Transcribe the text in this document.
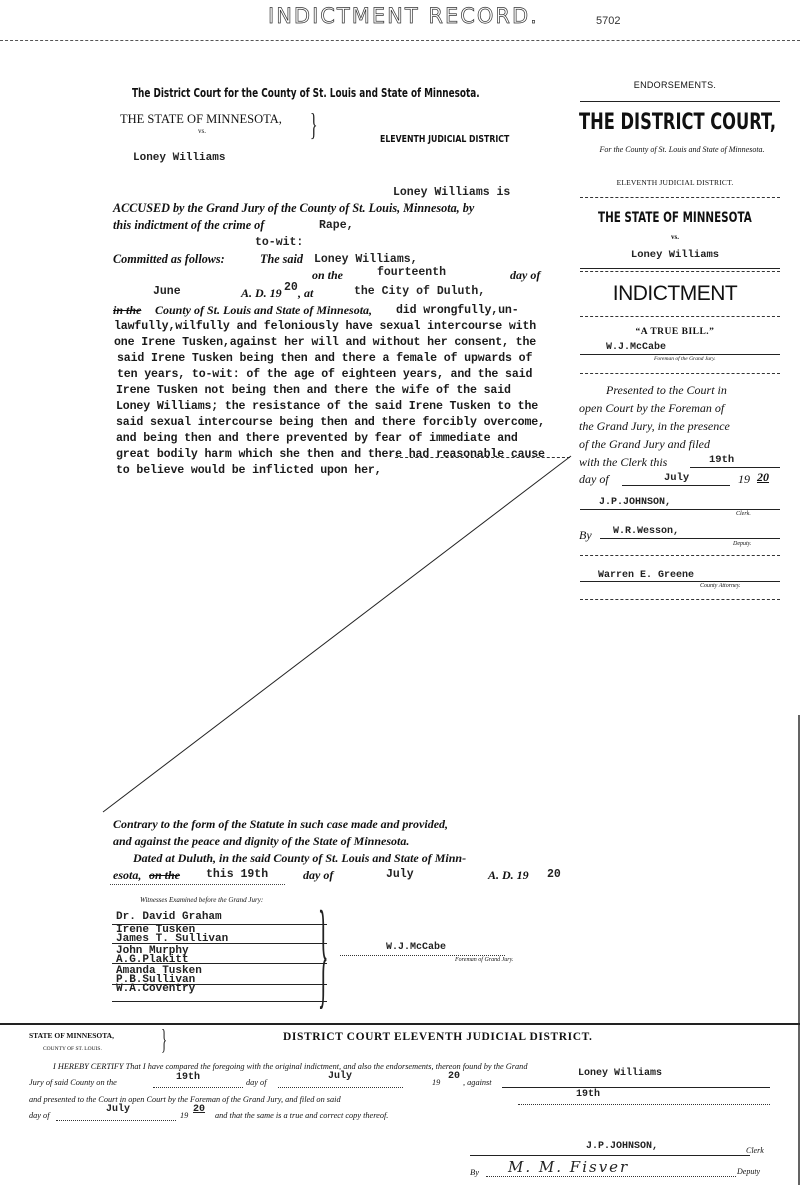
INDICTMENT RECORD.	5702
The District Court for the County of St. Louis and State of Minnesota.
THE STATE OF MINNESOTA,
vs.	}	ELEVENTH JUDICIAL DISTRICT
Loney Williams
Loney Williams is
ACCUSED by the Grand Jury of the County of St. Louis, Minnesota, by
this indictment of the crime of	Rape,
to-wit:
Committed as follows:	The said Loney Williams,
on the	fourteenth	day of
June	A. D. 19 20 , at	the City of Duluth,
in the County of St. Louis and State of Minnesota, did wrongfully,un-
lawfully,wilfully and feloniously have sexual intercourse with
one Irene Tusken,against her will and without her consent, the
said Irene Tusken being then and there a female of upwards of
ten years, to-wit: of the age of eighteen years, and the said
Irene Tusken not being then and there the wife of the said
Loney Williams; the resistance of the said Irene Tusken to the
said sexual intercourse being then and there forcibly overcome,
and being then and there prevented by fear of immediate and
great bodily harm which she then and there had reasonable cause
to believe would be inflicted upon her,
Contrary to the form of the Statute in such case made and provided,
and against the peace and dignity of the State of Minnesota.
Dated at Duluth, in the said County of St. Louis and State of Minn-
esota, on the this 19th	day of	July	A. D. 19 20
Witnesses Examined before the Grand Jury:
Dr. David Graham
Irene Tusken
James T. Sullivan
John Murphy
A.G.Plakitt
Amanda Tusken
P.B.Sullivan
W.A.Coventry }	W.J.McCabe
Foreman of Grand Jury.
ENDORSEMENTS.
THE DISTRICT COURT,
For the County of St. Louis and State of Minnesota.
ELEVENTH JUDICIAL DISTRICT.
THE STATE OF MINNESOTA
vs.
Loney Williams
INDICTMENT
“A TRUE BILL.”
W.J.McCabe
Foreman of the Grand Jury.
Presented to the Court in
open Court by the Foreman of
the Grand Jury, in the presence
of the Grand Jury and filed
with the Clerk this	19th
day of	July	19 20
J.P.JOHNSON,
Clerk.
By W.R.Wesson,
Deputy.
Warren E. Greene
County Attorney.
STATE OF MINNESOTA,
COUNTY OF ST. LOUIS. }	DISTRICT COURT ELEVENTH JUDICIAL DISTRICT.
I HEREBY CERTIFY That I have compared the foregoing with the original indictment, and also the endorsements, thereon found by the Grand
Jury of said County on the	19th	day of
July
19
20
, against
Loney Williams
and presented to the Court in open Court by the Foreman of the Grand Jury, and filed on said	19th
day of
July
19
20
and that the same is a true and correct copy thereof.
J.P.JOHNSON,	Clerk
By M. M. Fisver	Deputy
